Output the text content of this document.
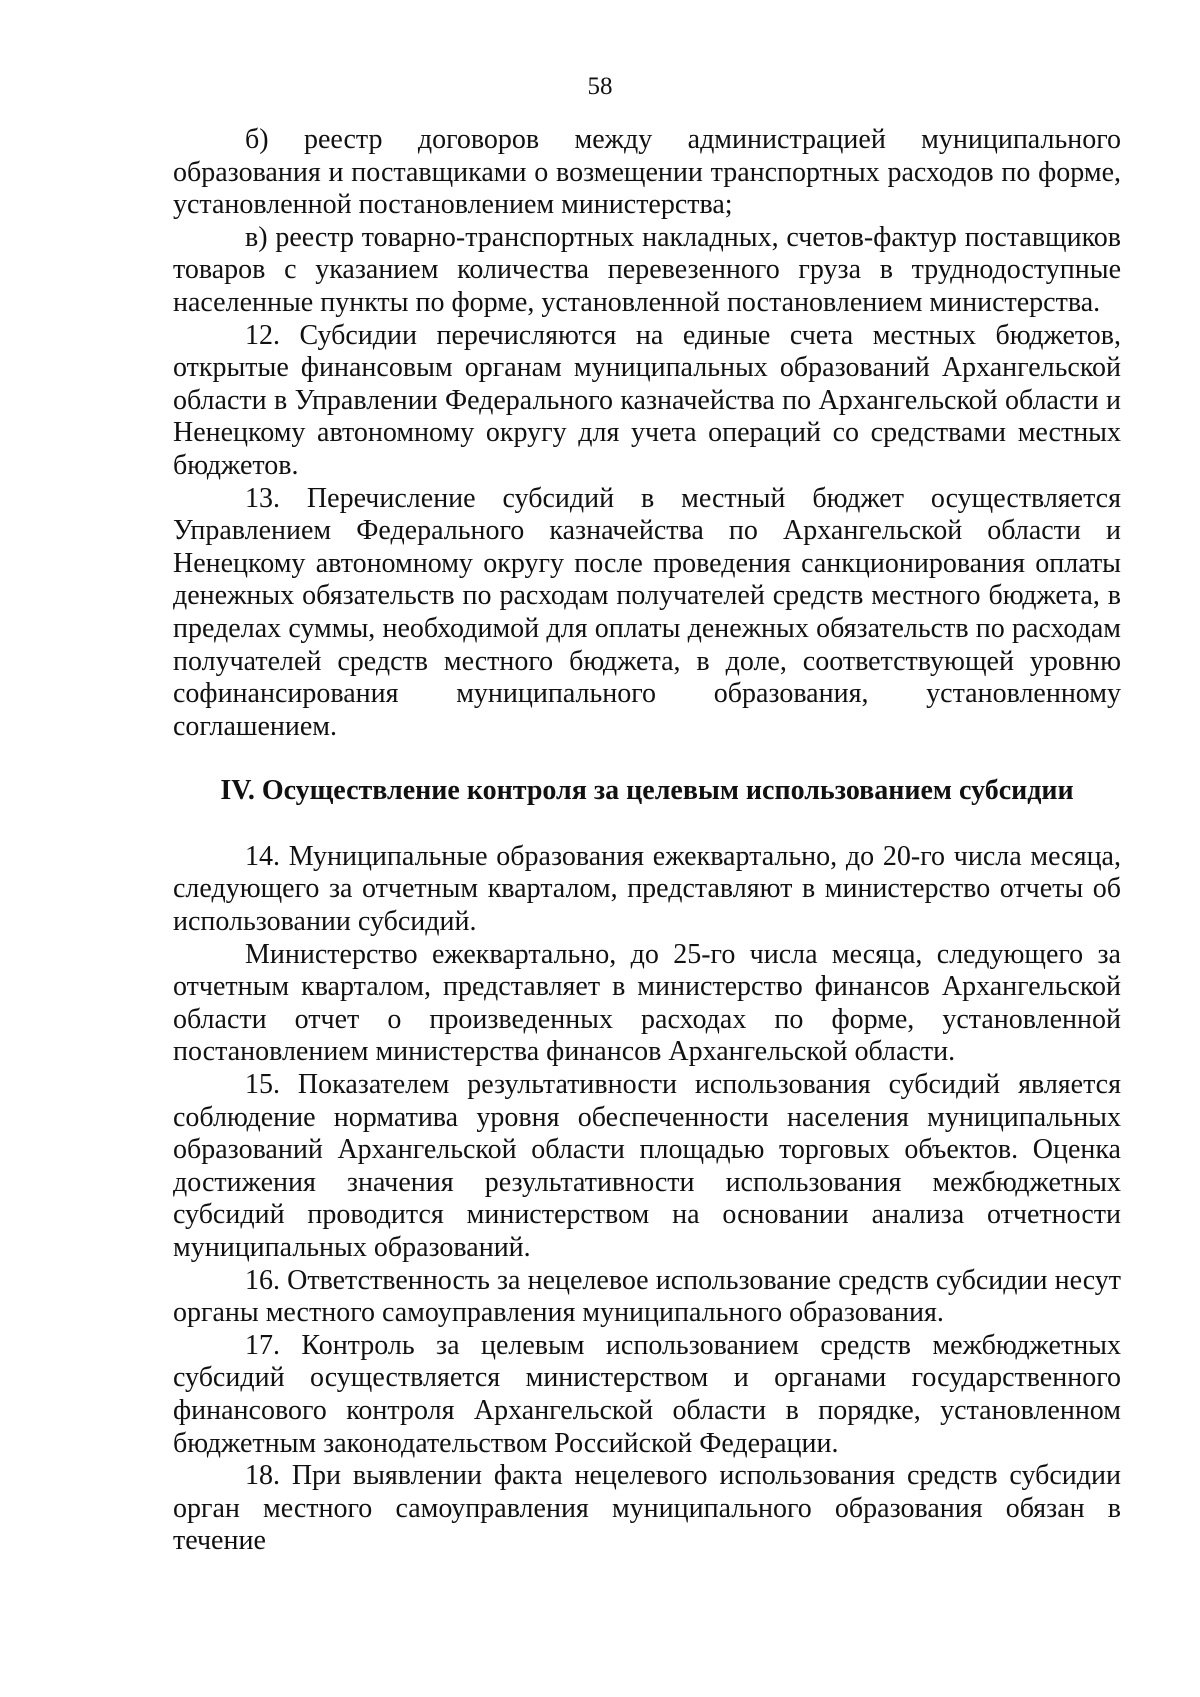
58

б) реестр договоров между администрацией муниципального образования и поставщиками о возмещении транспортных расходов по форме, установленной постановлением министерства;

в) реестр товарно-транспортных накладных, счетов-фактур поставщиков товаров с указанием количества перевезенного груза в труднодоступные населенные пункты по форме, установленной постановлением министерства.

12. Субсидии перечисляются на единые счета местных бюджетов, открытые финансовым органам муниципальных образований Архангельской области в Управлении Федерального казначейства по Архангельской области и Ненецкому автономному округу для учета операций со средствами местных бюджетов.

13. Перечисление субсидий в местный бюджет осуществляется Управлением Федерального казначейства по Архангельской области и Ненецкому автономному округу после проведения санкционирования оплаты денежных обязательств по расходам получателей средств местного бюджета, в пределах суммы, необходимой для оплаты денежных обязательств по расходам получателей средств местного бюджета, в доле, соответствующей уровню софинансирования муниципального образования, установленному соглашением.

IV. Осуществление контроля за целевым использованием субсидии

14. Муниципальные образования ежеквартально, до 20-го числа месяца, следующего за отчетным кварталом, представляют в министерство отчеты об использовании субсидий.

Министерство ежеквартально, до 25-го числа месяца, следующего за отчетным кварталом, представляет в министерство финансов Архангельской области отчет о произведенных расходах по форме, установленной постановлением министерства финансов Архангельской области.

15. Показателем результативности использования субсидий является соблюдение норматива уровня обеспеченности населения муниципальных образований Архангельской области площадью торговых объектов. Оценка достижения значения результативности использования межбюджетных субсидий проводится министерством на основании анализа отчетности муниципальных образований.

16. Ответственность за нецелевое использование средств субсидии несут органы местного самоуправления муниципального образования.

17. Контроль за целевым использованием средств межбюджетных субсидий осуществляется министерством и органами государственного финансового контроля Архангельской области в порядке, установленном бюджетным законодательством Российской Федерации.

18. При выявлении факта нецелевого использования средств субсидии орган местного самоуправления муниципального образования обязан в течение
